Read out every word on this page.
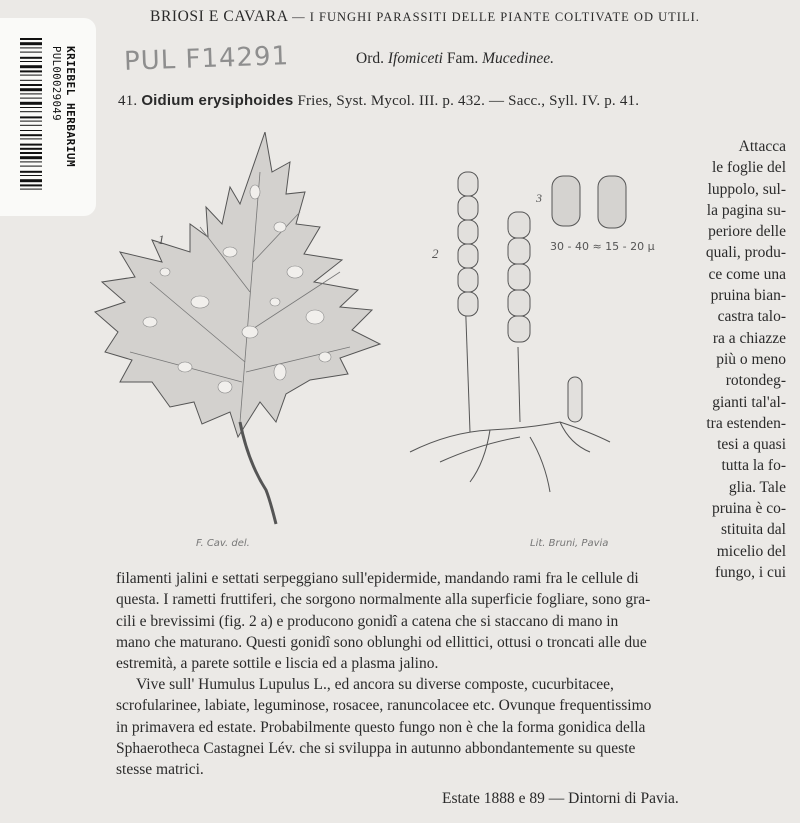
KRIEBEL HERBARIUM
PUL00029049 PUL F14291
BRIOSI E CAVARA — I FUNGHI PARASSITI DELLE PIANTE COLTIVATE OD UTILI.
Ord. Ifomiceti Fam. Mucedinee.
41. Oidium erysiphoides Fries, Syst. Mycol. III. p. 432. — Sacc., Syll. IV. p. 41.
1
2
3
30 - 40 ≈ 15 - 20 μ
F. Cav. del.	Lit. Bruni, Pavia
Attacca
le foglie del
luppolo, sul-
la pagina su-
periore delle
quali, produ-
ce come una
pruina bian-
castra talo-
ra a chiazze
più o meno
rotondeg-
gianti tal'al-
tra estenden-
tesi a quasi
tutta la fo-
glia. Tale
pruina è co-
stituita dal
micelio del
fungo, i cui
filamenti jalini e settati serpeggiano sull'epidermide, mandando rami fra le cellule di
questa. I rametti fruttiferi, che sorgono normalmente alla superficie fogliare, sono gra-
cili e brevissimi (fig. 2 a) e producono gonidî a catena che si staccano di mano in
mano che maturano. Questi gonidî sono oblunghi od ellittici, ottusi o troncati alle due
estremità, a parete sottile e liscia ed a plasma jalino.
Vive sull' Humulus Lupulus L., ed ancora su diverse composte, cucurbitacee,
scrofularinee, labiate, leguminose, rosacee, ranuncolacee etc. Ovunque frequentissimo
in primavera ed estate. Probabilmente questo fungo non è che la forma gonidica della
Sphaerotheca Castagnei Lév. che si sviluppa in autunno abbondantemente su queste
stesse matrici.
Estate 1888 e 89 — Dintorni di Pavia.
